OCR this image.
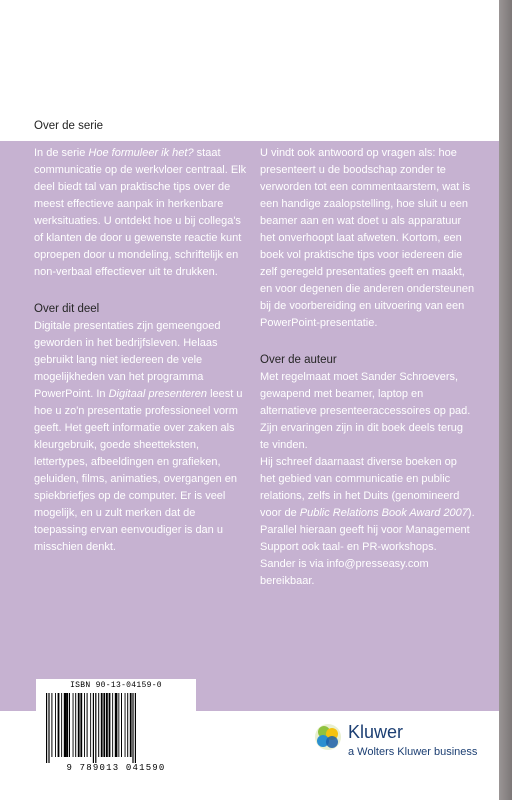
Over de serie

In de serie Hoe formuleer ik het? staat communicatie op de werkvloer centraal. Elk deel biedt tal van praktische tips over de meest effectieve aanpak in herkenbare werksituaties. U ontdekt hoe u bij collega's of klanten de door u gewenste reactie kunt oproepen door u mondeling, schriftelijk en non-verbaal effectiever uit te drukken.

Over dit deel

Digitale presentaties zijn gemeengoed geworden in het bedrijfsleven. Helaas gebruikt lang niet iedereen de vele mogelijkheden van het programma PowerPoint. In Digitaal presenteren leest u hoe u zo'n presentatie professioneel vorm geeft. Het geeft informatie over zaken als kleurgebruik, goede sheetteksten, lettertypes, afbeeldingen en grafieken, geluiden, films, animaties, overgangen en spiekbriefjes op de computer. Er is veel mogelijk, en u zult merken dat de toepassing ervan eenvoudiger is dan u misschien denkt.

U vindt ook antwoord op vragen als: hoe presenteert u de boodschap zonder te verworden tot een commentaarstem, wat is een handige zaalopstelling, hoe sluit u een beamer aan en wat doet u als apparatuur het onverhoopt laat afweten. Kortom, een boek vol praktische tips voor iedereen die zelf geregeld presentaties geeft en maakt, en voor degenen die anderen ondersteunen bij de voorbereiding en uitvoering van een PowerPoint-presentatie.

Over de auteur

Met regelmaat moet Sander Schroevers, gewapend met beamer, laptop en alternatieve presenteeraccessoires op pad. Zijn ervaringen zijn in dit boek deels terug te vinden.

Hij schreef daarnaast diverse boeken op het gebied van communicatie en public relations, zelfs in het Duits (genomineerd voor de Public Relations Book Award 2007). Parallel hieraan geeft hij voor Management Support ook taal- en PR-workshops. Sander is via info@presseasy.com bereikbaar.

ISBN 90-13-04159-0
9 789013 041590
Kluwer
a Wolters Kluwer business
